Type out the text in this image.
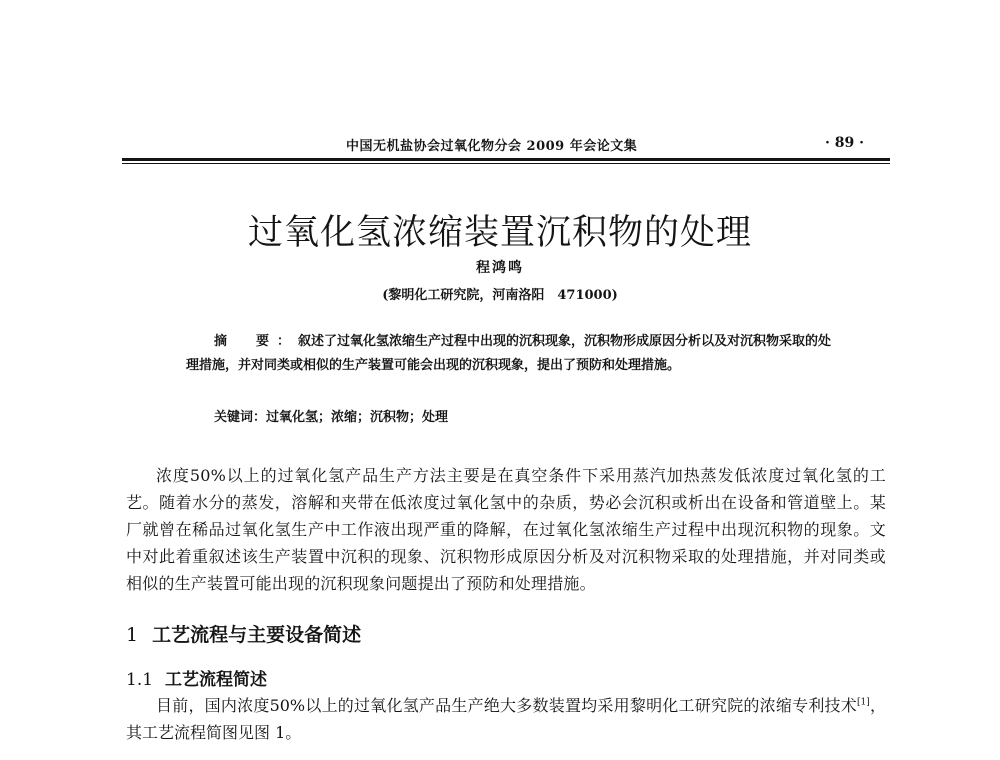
中国无机盐协会过氧化物分会 2009 年会论文集	· 89 ·
过氧化氢浓缩装置沉积物的处理
程鸿鸣
(黎明化工研究院，河南洛阳　471000)
摘　要：叙述了过氧化氢浓缩生产过程中出现的沉积现象，沉积物形成原因分析以及对沉积物采取的处理措施，并对同类或相似的生产装置可能会出现的沉积现象，提出了预防和处理措施。
关键词：过氧化氢；浓缩；沉积物；处理
浓度50%以上的过氧化氢产品生产方法主要是在真空条件下采用蒸汽加热蒸发低浓度过氧化氢的工艺。随着水分的蒸发，溶解和夹带在低浓度过氧化氢中的杂质，势必会沉积或析出在设备和管道壁上。某厂就曾在稀品过氧化氢生产中工作液出现严重的降解，在过氧化氢浓缩生产过程中出现沉积物的现象。文中对此着重叙述该生产装置中沉积的现象、沉积物形成原因分析及对沉积物采取的处理措施，并对同类或相似的生产装置可能出现的沉积现象问题提出了预防和处理措施。
1 工艺流程与主要设备简述
1.1 工艺流程简述
目前，国内浓度50%以上的过氧化氢产品生产绝大多数装置均采用黎明化工研究院的浓缩专利技术[1]，其工艺流程简图见图 1。
